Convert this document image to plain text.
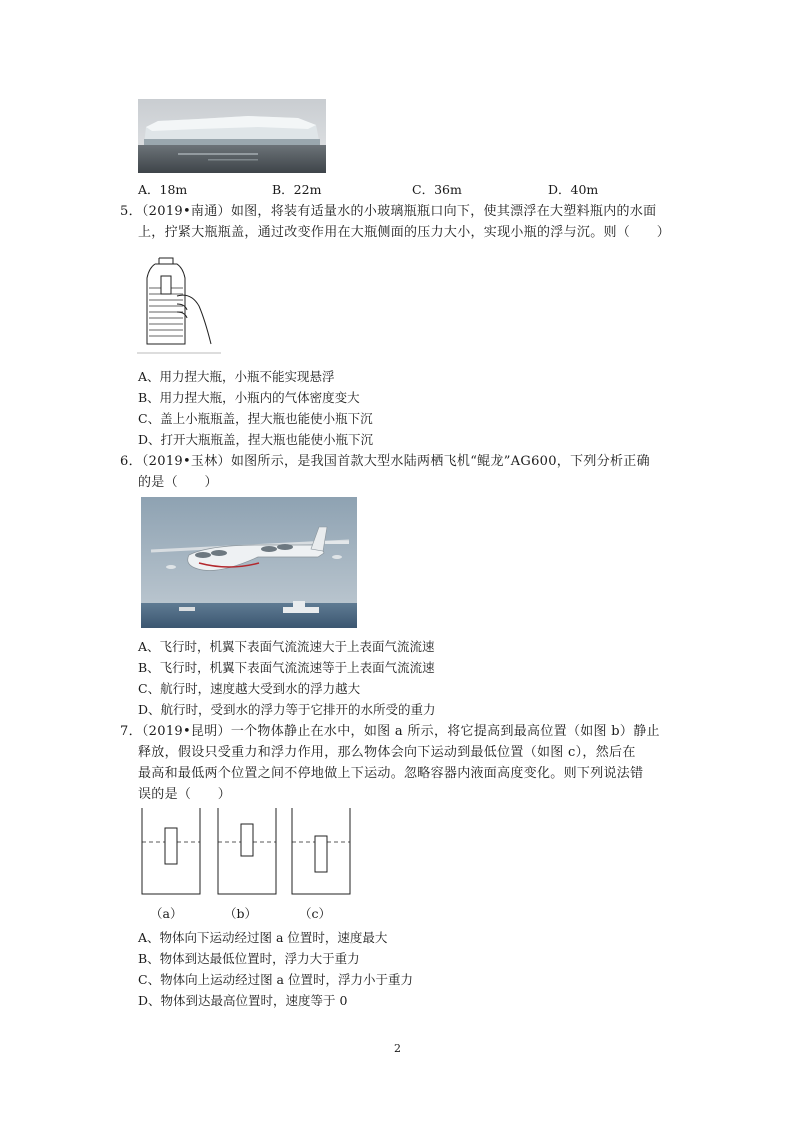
A．18m	B．22m	C．36m	D．40m
5．（2019•南通）如图，将装有适量水的小玻璃瓶瓶口向下，使其漂浮在大塑料瓶内的水面
上，拧紧大瓶瓶盖，通过改变作用在大瓶侧面的压力大小，实现小瓶的浮与沉。则（　　）
A、用力捏大瓶，小瓶不能实现悬浮
B、用力捏大瓶，小瓶内的气体密度变大
C、盖上小瓶瓶盖，捏大瓶也能使小瓶下沉
D、打开大瓶瓶盖，捏大瓶也能使小瓶下沉
6．（2019•玉林）如图所示，是我国首款大型水陆两栖飞机“鲲龙”AG600，下列分析正确
的是（　　）
A、飞行时，机翼下表面气流流速大于上表面气流流速
B、飞行时，机翼下表面气流流速等于上表面气流流速
C、航行时，速度越大受到水的浮力越大
D、航行时，受到水的浮力等于它排开的水所受的重力
7．（2019•昆明）一个物体静止在水中，如图 a 所示，将它提高到最高位置（如图 b）静止
释放，假设只受重力和浮力作用，那么物体会向下运动到最低位置（如图 c），然后在
最高和最低两个位置之间不停地做上下运动。忽略容器内液面高度变化。则下列说法错
误的是（　　）
（a）	（b）	（c）
A、物体向下运动经过图 a 位置时，速度最大
B、物体到达最低位置时，浮力大于重力
C、物体向上运动经过图 a 位置时，浮力小于重力
D、物体到达最高位置时，速度等于 0
2
